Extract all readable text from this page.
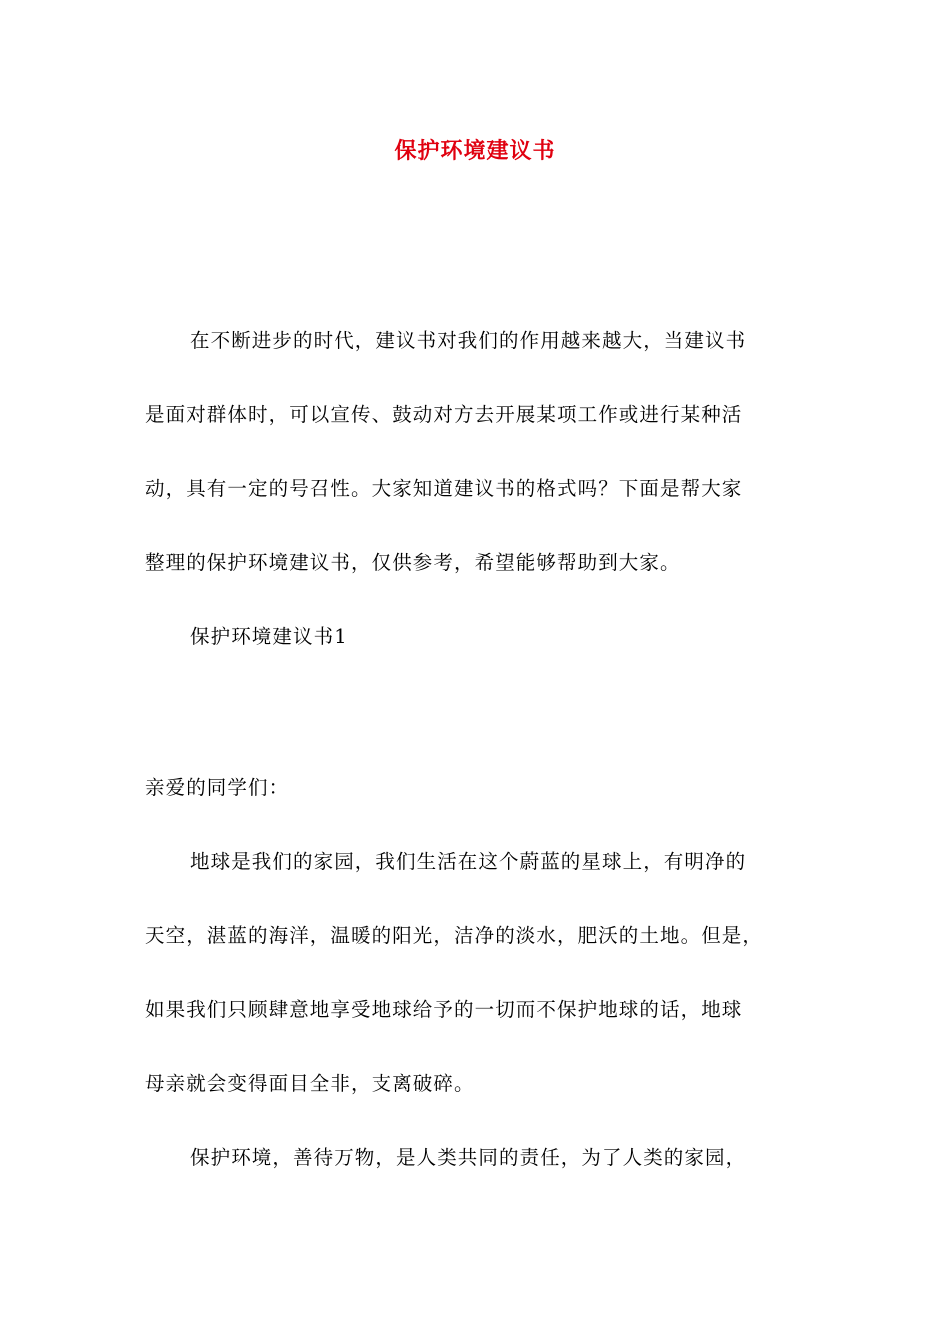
保护环境建议书
在不断进步的时代，建议书对我们的作用越来越大，当建议书
是面对群体时，可以宣传、鼓动对方去开展某项工作或进行某种活
动，具有一定的号召性。大家知道建议书的格式吗？下面是帮大家
整理的保护环境建议书，仅供参考，希望能够帮助到大家。
保护环境建议书1
亲爱的同学们：
地球是我们的家园，我们生活在这个蔚蓝的星球上，有明净的
天空，湛蓝的海洋，温暖的阳光，洁净的淡水，肥沃的土地。但是，
如果我们只顾肆意地享受地球给予的一切而不保护地球的话，地球
母亲就会变得面目全非，支离破碎。
保护环境，善待万物，是人类共同的责任，为了人类的家园，
